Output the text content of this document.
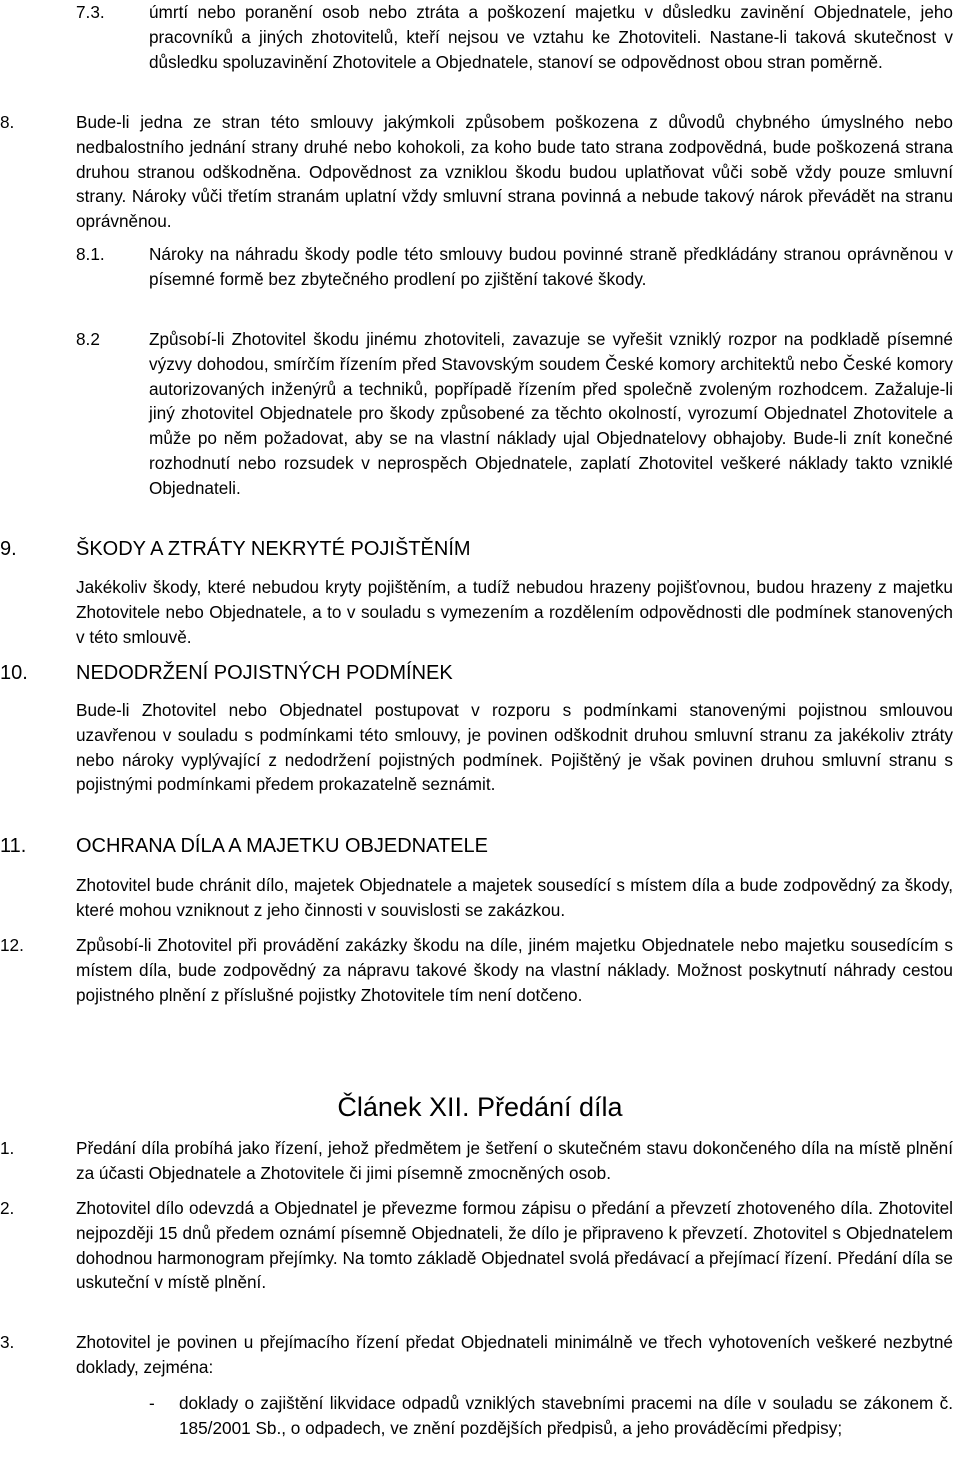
7.3.	úmrtí nebo poranění osob nebo ztráta a poškození majetku v důsledku zavinění Objednatele, jeho pracovníků a jiných zhotovitelů, kteří nejsou ve vztahu ke Zhotoviteli. Nastane-li taková skutečnost v důsledku spoluzavinění Zhotovitele a Objednatele, stanoví se odpovědnost obou stran poměrně.
8.	Bude-li jedna ze stran této smlouvy jakýmkoli způsobem poškozena z důvodů chybného úmyslného nebo nedbalostního jednání strany druhé nebo kohokoli, za koho bude tato strana zodpovědná, bude poškozená strana druhou stranou odškodněna. Odpovědnost za vzniklou škodu budou uplatňovat vůči sobě vždy pouze smluvní strany. Nároky vůči třetím stranám uplatní vždy smluvní strana povinná a nebude takový nárok převádět na stranu oprávněnou.
8.1.	Nároky na náhradu škody podle této smlouvy budou povinné straně předkládány stranou oprávněnou v písemné formě bez zbytečného prodlení po zjištění takové škody.
8.2	Způsobí-li Zhotovitel škodu jinému zhotoviteli, zavazuje se vyřešit vzniklý rozpor na podkladě písemné výzvy dohodou, smírčím řízením před Stavovským soudem České komory architektů nebo České komory autorizovaných inženýrů a techniků, popřípadě řízením před společně zvoleným rozhodcem. Zažaluje-li jiný zhotovitel Objednatele pro škody způsobené za těchto okolností, vyrozumí Objednatel Zhotovitele a může po něm požadovat, aby se na vlastní náklady ujal Objednatelovy obhajoby. Bude-li znít konečné rozhodnutí nebo rozsudek v neprospěch Objednatele, zaplatí Zhotovitel veškeré náklady takto vzniklé Objednateli.
9.	ŠKODY A ZTRÁTY NEKRYTÉ POJIŠTĚNÍM
Jakékoliv škody, které nebudou kryty pojištěním, a tudíž nebudou hrazeny pojišťovnou, budou hrazeny z majetku Zhotovitele nebo Objednatele, a to v souladu s vymezením a rozdělením odpovědnosti dle podmínek stanovených v této smlouvě.
10. NEDODRŽENÍ POJISTNÝCH PODMÍNEK
Bude-li Zhotovitel nebo Objednatel postupovat v rozporu s podmínkami stanovenými pojistnou smlouvou uzavřenou v souladu s podmínkami této smlouvy, je povinen odškodnit druhou smluvní stranu za jakékoliv ztráty nebo nároky vyplývající z nedodržení pojistných podmínek. Pojištěný je však povinen druhou smluvní stranu s pojistnými podmínkami předem prokazatelně seznámit.
11. OCHRANA DÍLA A MAJETKU OBJEDNATELE
Zhotovitel bude chránit dílo, majetek Objednatele a majetek sousedící s místem díla a bude zodpovědný za škody, které mohou vzniknout z jeho činnosti v souvislosti se zakázkou.
12.	Způsobí-li Zhotovitel při provádění zakázky škodu na díle, jiném majetku Objednatele nebo majetku sousedícím s místem díla, bude zodpovědný za nápravu takové škody na vlastní náklady. Možnost poskytnutí náhrady cestou pojistného plnění z příslušné pojistky Zhotovitele tím není dotčeno.
Článek XII. Předání díla
1.	Předání díla probíhá jako řízení, jehož předmětem je šetření o skutečném stavu dokončeného díla na místě plnění za účasti Objednatele a Zhotovitele či jimi písemně zmocněných osob.
2.	Zhotovitel dílo odevzdá a Objednatel je převezme formou zápisu o předání a převzetí zhotoveného díla. Zhotovitel nejpozději 15 dnů předem oznámí písemně Objednateli, že dílo je připraveno k převzetí. Zhotovitel s Objednatelem dohodnou harmonogram přejímky. Na tomto základě Objednatel svolá předávací a přejímací řízení. Předání díla se uskuteční v místě plnění.
3.	Zhotovitel je povinen u přejímacího řízení předat Objednateli minimálně ve třech vyhotoveních veškeré nezbytné doklady, zejména:
- doklady o zajištění likvidace odpadů vzniklých stavebními pracemi na díle v souladu se zákonem č. 185/2001 Sb., o odpadech, ve znění pozdějších předpisů, a jeho prováděcími předpisy;
